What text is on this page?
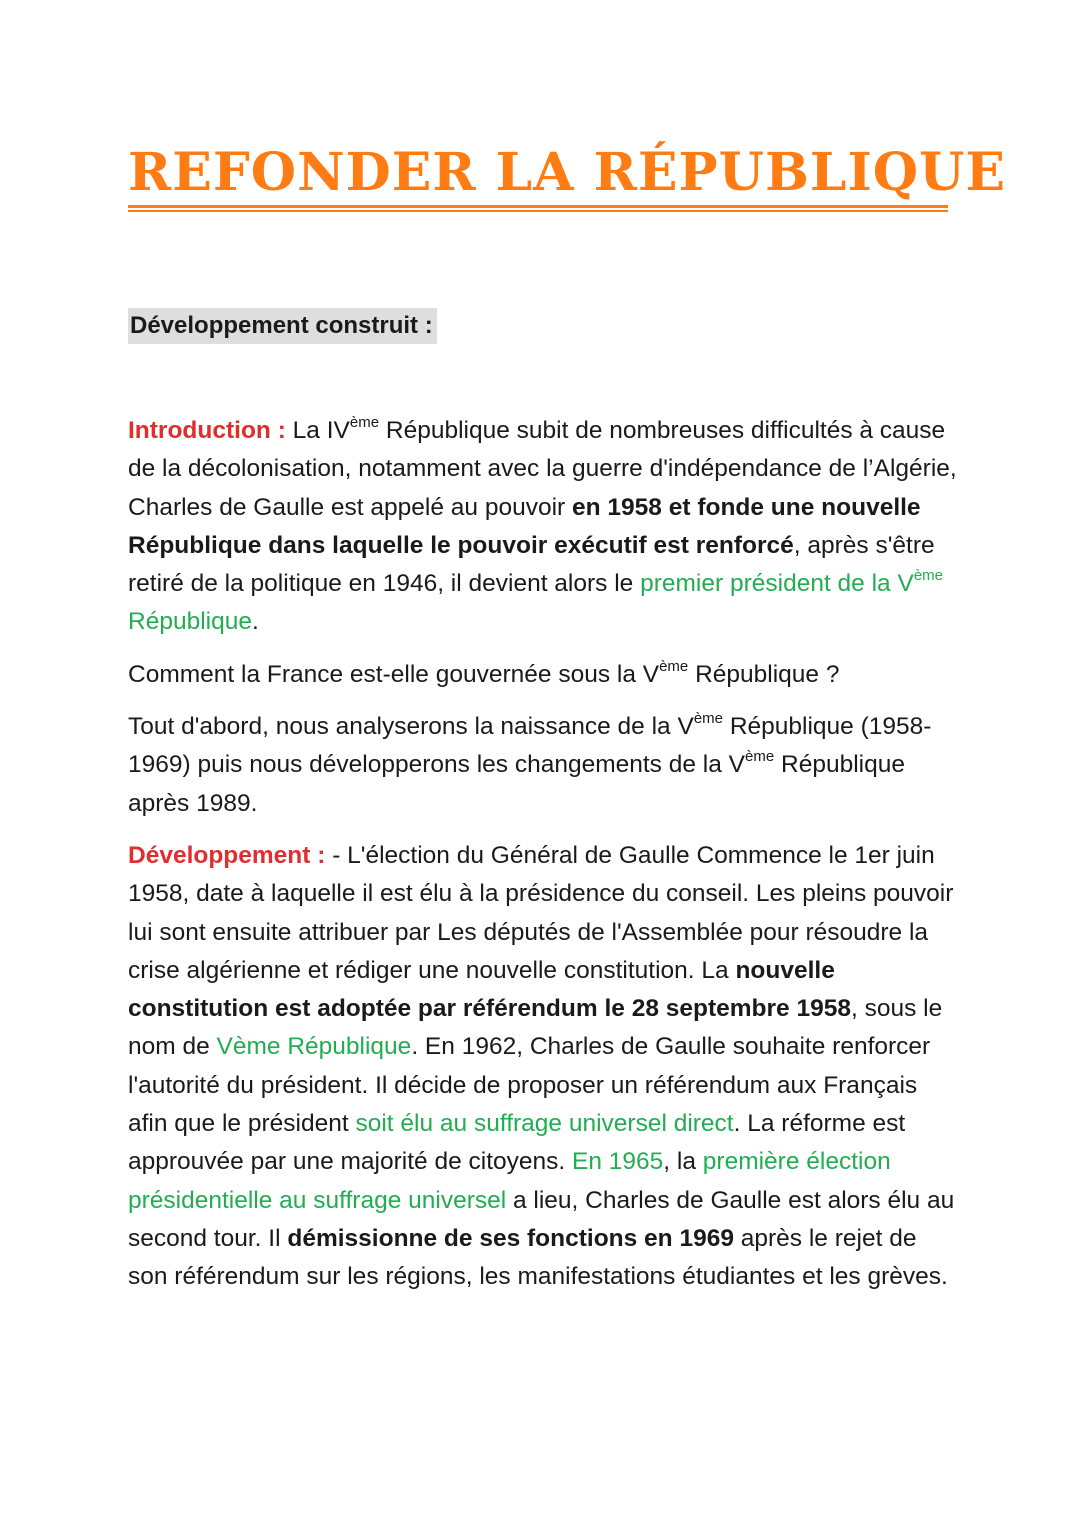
REFONDER LA RÉPUBLIQUE
Développement construit :

Introduction : La IVème République subit de nombreuses difficultés à cause de la décolonisation, notamment avec la guerre d'indépendance de l’Algérie, Charles de Gaulle est appelé au pouvoir en 1958 et fonde une nouvelle République dans laquelle le pouvoir exécutif est renforcé, après s'être retiré de la politique en 1946, il devient alors le premier président de la Vème République.

Comment la France est-elle gouvernée sous la Vème République ?

Tout d'abord, nous analyserons la naissance de la Vème République (1958-1969) puis nous développerons les changements de la Vème République après 1989.

Développement : - L'élection du Général de Gaulle Commence le 1er juin 1958, date à laquelle il est élu à la présidence du conseil. Les pleins pouvoir lui sont ensuite attribuer par Les députés de l'Assemblée pour résoudre la crise algérienne et rédiger une nouvelle constitution. La nouvelle constitution est adoptée par référendum le 28 septembre 1958, sous le nom de Vème République. En 1962, Charles de Gaulle souhaite renforcer l'autorité du président. Il décide de proposer un référendum aux Français afin que le président soit élu au suffrage universel direct. La réforme est approuvée par une majorité de citoyens. En 1965, la première élection présidentielle au suffrage universel a lieu, Charles de Gaulle est alors élu au second tour. Il démissionne de ses fonctions en 1969 après le rejet de son référendum sur les régions, les manifestations étudiantes et les grèves.
